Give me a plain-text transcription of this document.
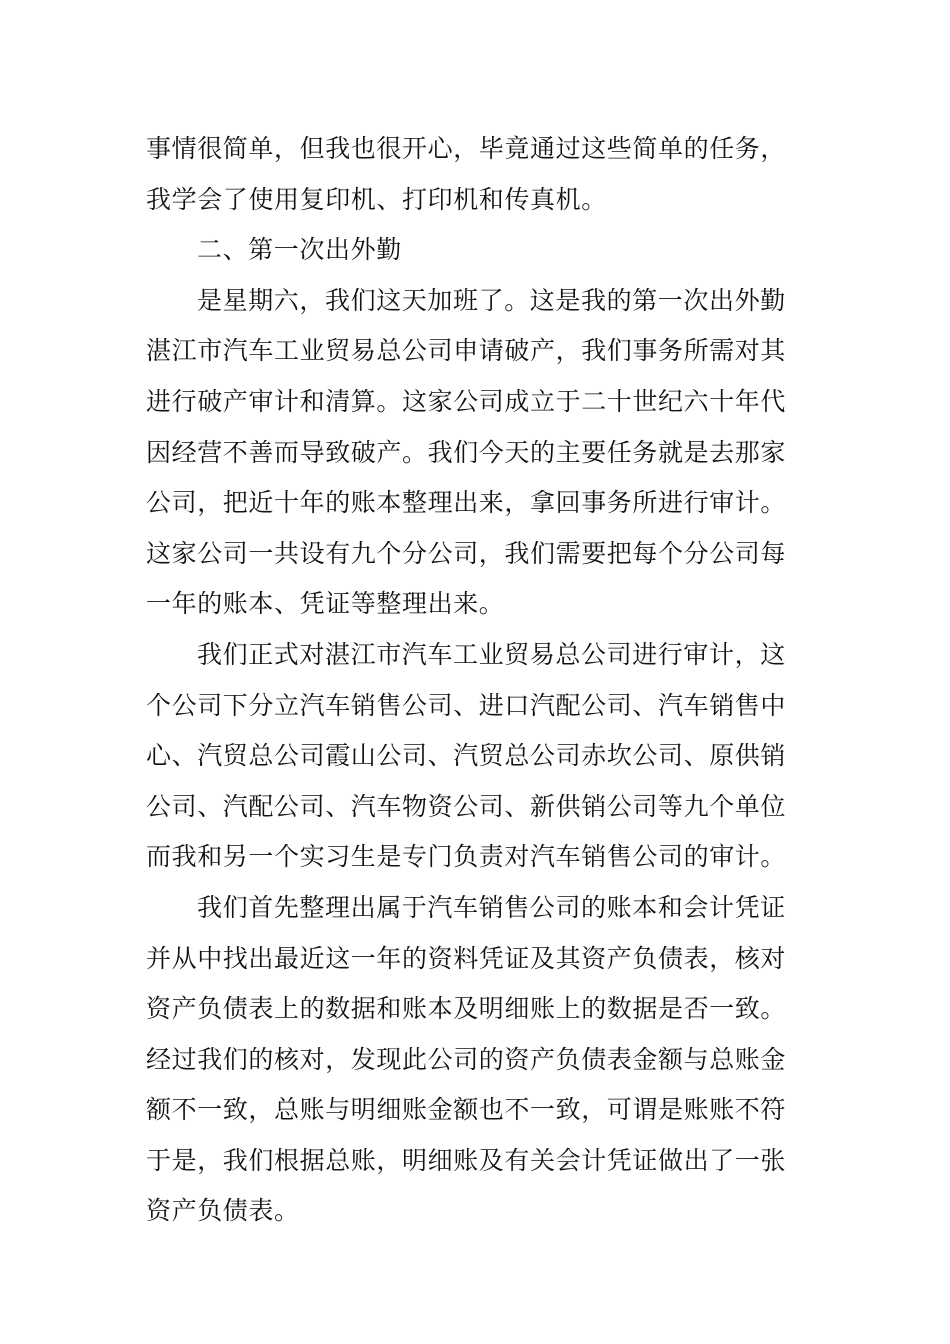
事情很简单，但我也很开心，毕竟通过这些简单的任务，
我学会了使用复印机、打印机和传真机。
二、第一次出外勤
是星期六，我们这天加班了。这是我的第一次出外勤
湛江市汽车工业贸易总公司申请破产，我们事务所需对其
进行破产审计和清算。这家公司成立于二十世纪六十年代
因经营不善而导致破产。我们今天的主要任务就是去那家
公司，把近十年的账本整理出来，拿回事务所进行审计。
这家公司一共设有九个分公司，我们需要把每个分公司每
一年的账本、凭证等整理出来。
我们正式对湛江市汽车工业贸易总公司进行审计，这
个公司下分立汽车销售公司、进口汽配公司、汽车销售中
心、汽贸总公司霞山公司、汽贸总公司赤坎公司、原供销
公司、汽配公司、汽车物资公司、新供销公司等九个单位
而我和另一个实习生是专门负责对汽车销售公司的审计。
我们首先整理出属于汽车销售公司的账本和会计凭证
并从中找出最近这一年的资料凭证及其资产负债表，核对
资产负债表上的数据和账本及明细账上的数据是否一致。
经过我们的核对，发现此公司的资产负债表金额与总账金
额不一致，总账与明细账金额也不一致，可谓是账账不符
于是，我们根据总账，明细账及有关会计凭证做出了一张
资产负债表。
